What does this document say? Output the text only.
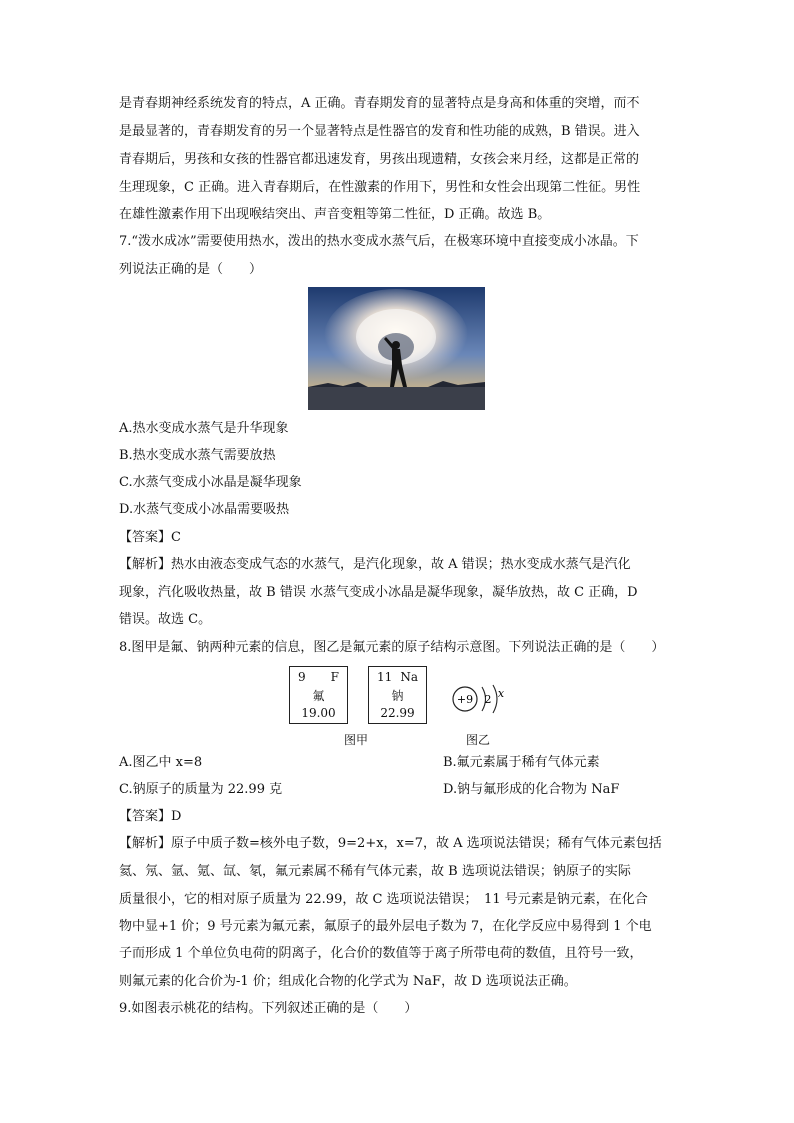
是青春期神经系统发育的特点，A 正确。青春期发育的显著特点是身高和体重的突增，而不
是最显著的，青春期发育的另一个显著特点是性器官的发育和性功能的成熟，B 错误。进入
青春期后，男孩和女孩的性器官都迅速发育，男孩出现遗精，女孩会来月经，这都是正常的
生理现象，C 正确。进入青春期后，在性激素的作用下，男性和女性会出现第二性征。男性
在雄性激素作用下出现喉结突出、声音变粗等第二性征，D 正确。故选 B。
7.“泼水成冰”需要使用热水，泼出的热水变成水蒸气后，在极寒环境中直接变成小冰晶。下
列说法正确的是（　　）
A.热水变成水蒸气是升华现象
B.热水变成水蒸气需要放热
C.水蒸气变成小冰晶是凝华现象
D.水蒸气变成小冰晶需要吸热
【答案】C
【解析】热水由液态变成气态的水蒸气，是汽化现象，故 A 错误；热水变成水蒸气是汽化
现象，汽化吸收热量，故 B 错误 水蒸气变成小冰晶是凝华现象，凝华放热，故 C 正确，D
错误。故选 C。
8.图甲是氟、钠两种元素的信息，图乙是氟元素的原子结构示意图。下列说法正确的是（　　）
9 F
氟
19.00
11 Na
钠
22.99
+9 2 x
图甲	图乙
A.图乙中 x=8	B.氟元素属于稀有气体元素
C.钠原子的质量为 22.99 克	D.钠与氟形成的化合物为 NaF
【答案】D
【解析】原子中质子数=核外电子数，9=2+x，x=7，故 A 选项说法错误；稀有气体元素包括
氦、氖、氩、氪、氙、氡，氟元素属不稀有气体元素，故 B 选项说法错误；钠原子的实际
质量很小，它的相对原子质量为 22.99，故 C 选项说法错误；　11 号元素是钠元素，在化合
物中显+1 价；9 号元素为氟元素，氟原子的最外层电子数为 7，在化学反应中易得到 1 个电
子而形成 1 个单位负电荷的阴离子，化合价的数值等于离子所带电荷的数值，且符号一致，
则氟元素的化合价为-1 价；组成化合物的化学式为 NaF，故 D 选项说法正确。
9.如图表示桃花的结构。下列叙述正确的是（　　）
